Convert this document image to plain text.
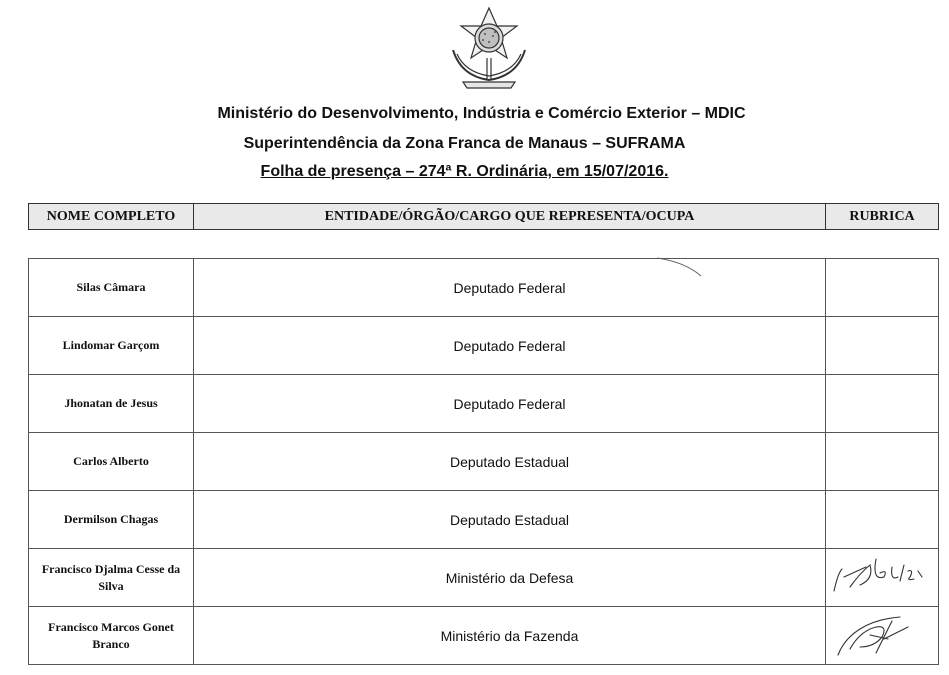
Ministério do Desenvolvimento, Indústria e Comércio Exterior – MDIC
Superintendência da Zona Franca de Manaus – SUFRAMA
Folha de presença – 274ª R. Ordinária, em 15/07/2016.
NOME COMPLETO	ENTIDADE/ÓRGÃO/CARGO QUE REPRESENTA/OCUPA	RUBRICA
Silas Câmara	Deputado Federal	
Lindomar Garçom	Deputado Federal	
Jhonatan de Jesus	Deputado Federal	
Carlos Alberto	Deputado Estadual	
Dermilson Chagas	Deputado Estadual	
Francisco Djalma Cesse da Silva	Ministério da Defesa	

Francisco Marcos Gonet Branco	Ministério da Fazenda	
